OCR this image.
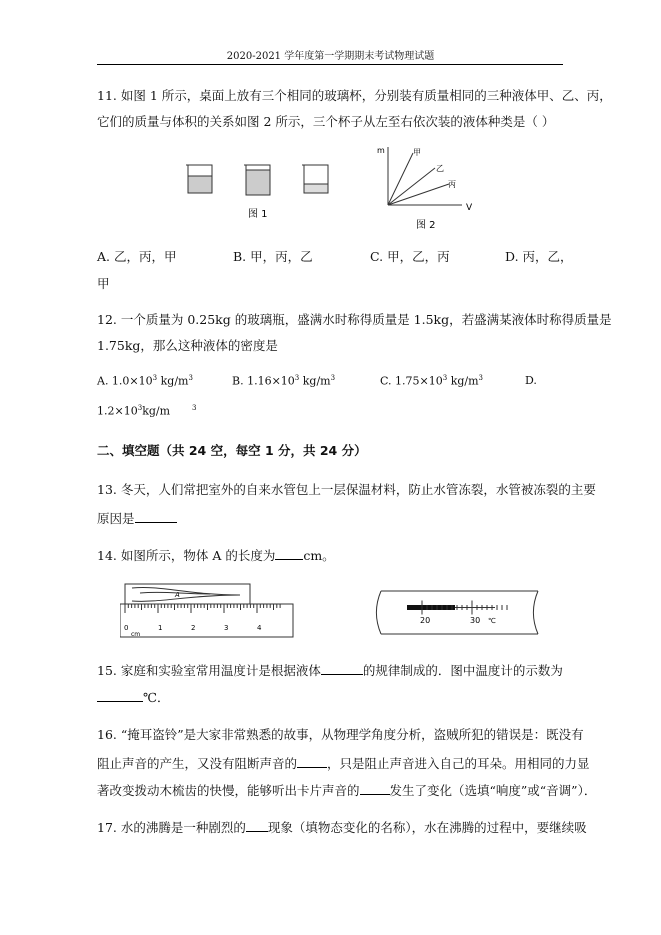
2020-2021 学年度第一学期期末考试物理试题
11. 如图 1 所示，桌面上放有三个相同的玻璃杯，分别装有质量相同的三种液体甲、乙、丙，
它们的质量与体积的关系如图 2 所示，三个杯子从左至右依次装的液体种类是（ ）
图 1
m
V
甲
乙
丙
图 2
A. 乙，丙，甲	B. 甲，丙，乙	C. 甲，乙，丙	D. 丙，乙，
甲
12. 一个质量为 0.25kg 的玻璃瓶，盛满水时称得质量是 1.5kg，若盛满某液体时称得质量是
1.75kg，那么这种液体的密度是
A. $1.0\times 10^3$ $kg/m^3$	B. $1.16\times 10^3$ $kg/m^3$	C. $1.75\times 10^3$ $kg/m^3$	D.
$1.2\times 10^3kg/m$	$^3$
二、填空题（共 24 空，每空 1 分，共 24 分）
13. 冬天，人们常把室外的自来水管包上一层保温材料，防止水管冻裂，水管被冻裂的主要
原因是
14. 如图所示，物体 A 的长度为 cm。
A
0	1	2	3	4
cm
20	30 ℃
15. 家庭和实验室常用温度计是根据液体	的规律制成的．图中温度计的示数为
℃．
16. “掩耳盗铃”是大家非常熟悉的故事，从物理学角度分析，盗贼所犯的错误是：既没有
阻止声音的产生，又没有阻断声音的 ，只是阻止声音进入自己的耳朵。用相同的力显
著改变拨动木梳齿的快慢，能够听出卡片声音的 发生了变化（选填“响度”或“音调”）．
17. 水的沸腾是一种剧烈的 现象（填物态变化的名称），水在沸腾的过程中，要继续吸
